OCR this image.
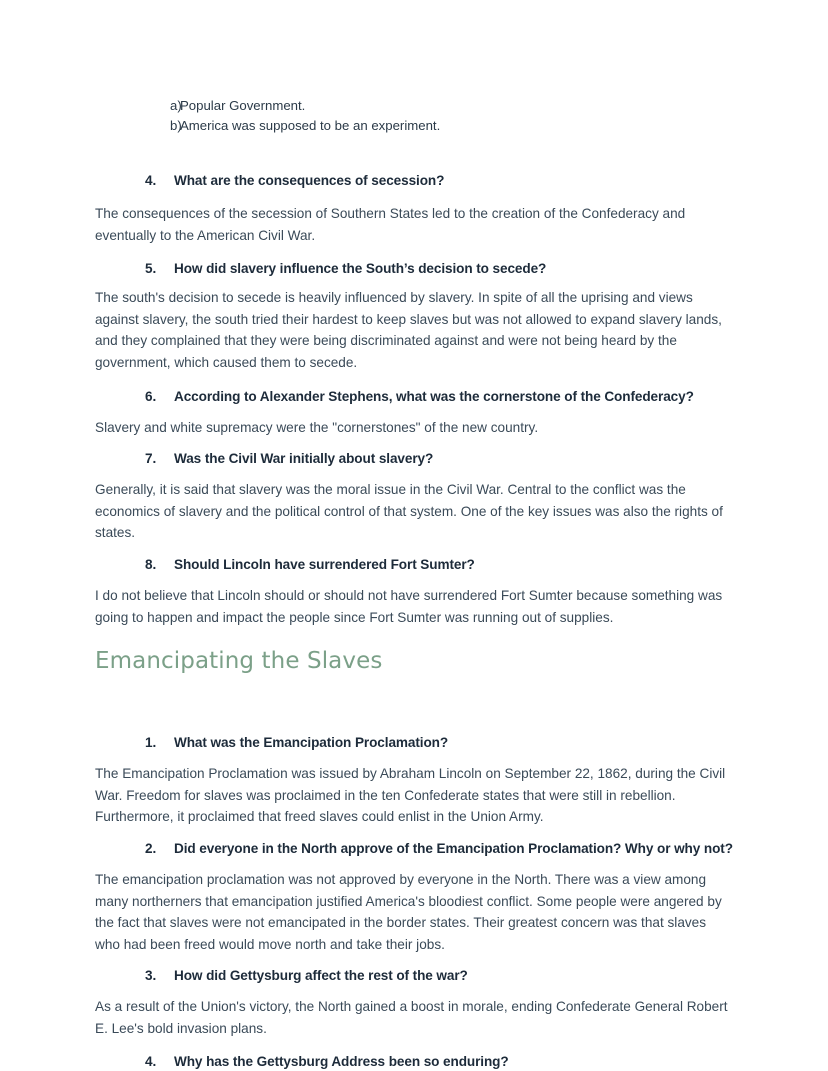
a)
Popular Government.
b)
America was supposed to be an experiment.
4. What are the consequences of secession?

The consequences of the secession of Southern States led to the creation of the Confederacy and eventually to the American Civil War.

5. How did slavery influence the South’s decision to secede?

The south's decision to secede is heavily influenced by slavery. In spite of all the uprising and views against slavery, the south tried their hardest to keep slaves but was not allowed to expand slavery lands, and they complained that they were being discriminated against and were not being heard by the government, which caused them to secede.

6. According to Alexander Stephens, what was the cornerstone of the Confederacy?

Slavery and white supremacy were the "cornerstones" of the new country.

7. Was the Civil War initially about slavery?

Generally, it is said that slavery was the moral issue in the Civil War. Central to the conflict was the economics of slavery and the political control of that system. One of the key issues was also the rights of states.

8. Should Lincoln have surrendered Fort Sumter?

I do not believe that Lincoln should or should not have surrendered Fort Sumter because something was going to happen and impact the people since Fort Sumter was running out of supplies.

Emancipating the Slaves
1. What was the Emancipation Proclamation?

The Emancipation Proclamation was issued by Abraham Lincoln on September 22, 1862, during the Civil War. Freedom for slaves was proclaimed in the ten Confederate states that were still in rebellion. Furthermore, it proclaimed that freed slaves could enlist in the Union Army.

2. Did everyone in the North approve of the Emancipation Proclamation? Why or why not?

The emancipation proclamation was not approved by everyone in the North. There was a view among many northerners that emancipation justified America's bloodiest conflict. Some people were angered by the fact that slaves were not emancipated in the border states. Their greatest concern was that slaves who had been freed would move north and take their jobs.

3. How did Gettysburg affect the rest of the war?

As a result of the Union's victory, the North gained a boost in morale, ending Confederate General Robert E. Lee's bold invasion plans.

4. Why has the Gettysburg Address been so enduring?
